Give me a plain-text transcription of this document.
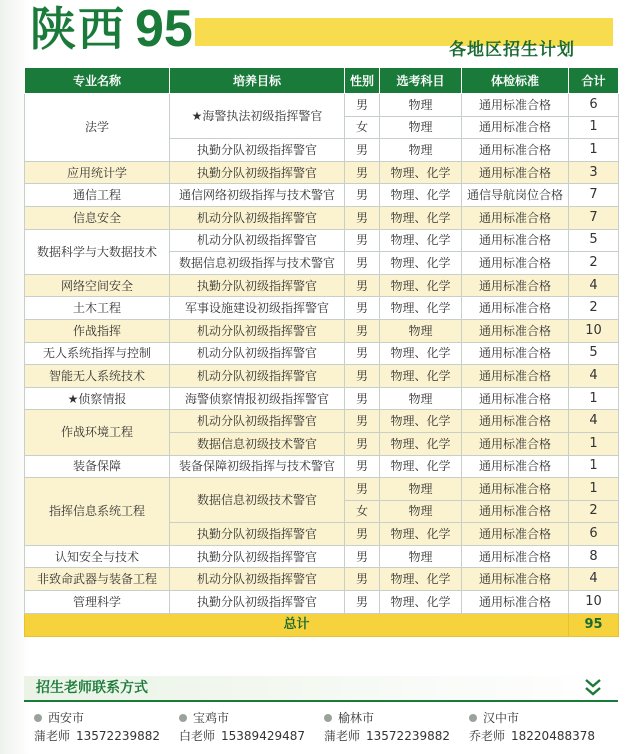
陕西 95	各地区招生计划
专业名称	培养目标	性别	选考科目	体检标准	合计
法学	★海警执法初级指挥警官	男	物理	通用标准合格	6
		女	物理	通用标准合格	1
	执勤分队初级指挥警官	男	物理	通用标准合格	1
应用统计学	执勤分队初级指挥警官	男	物理、化学	通用标准合格	3
通信工程	通信网络初级指挥与技术警官	男	物理、化学	通信导航岗位合格	7
信息安全	机动分队初级指挥警官	男	物理、化学	通用标准合格	7
数据科学与大数据技术	机动分队初级指挥警官	男	物理、化学	通用标准合格	5
	数据信息初级指挥与技术警官	男	物理、化学	通用标准合格	2
网络空间安全	执勤分队初级指挥警官	男	物理、化学	通用标准合格	4
土木工程	军事设施建设初级指挥警官	男	物理、化学	通用标准合格	2
作战指挥	机动分队初级指挥警官	男	物理	通用标准合格	10
无人系统指挥与控制	机动分队初级指挥警官	男	物理、化学	通用标准合格	5
智能无人系统技术	机动分队初级指挥警官	男	物理、化学	通用标准合格	4
★侦察情报	海警侦察情报初级指挥警官	男	物理	通用标准合格	1
作战环境工程	机动分队初级指挥警官	男	物理、化学	通用标准合格	4
	数据信息初级技术警官	男	物理、化学	通用标准合格	1
装备保障	装备保障初级指挥与技术警官	男	物理、化学	通用标准合格	1
指挥信息系统工程	数据信息初级技术警官	男	物理	通用标准合格	1
		女	物理	通用标准合格	2
	执勤分队初级指挥警官	男	物理、化学	通用标准合格	6
认知安全与技术	执勤分队初级指挥警官	男	物理	通用标准合格	8
非致命武器与装备工程	机动分队初级指挥警官	男	物理、化学	通用标准合格	4
管理科学	执勤分队初级指挥警官	男	物理、化学	通用标准合格	10
总计					95
招生老师联系方式
西安市
蒲老师 13572239882
宝鸡市
白老师 15389429487
榆林市
蒲老师 13572239882
汉中市
乔老师 18220488378
